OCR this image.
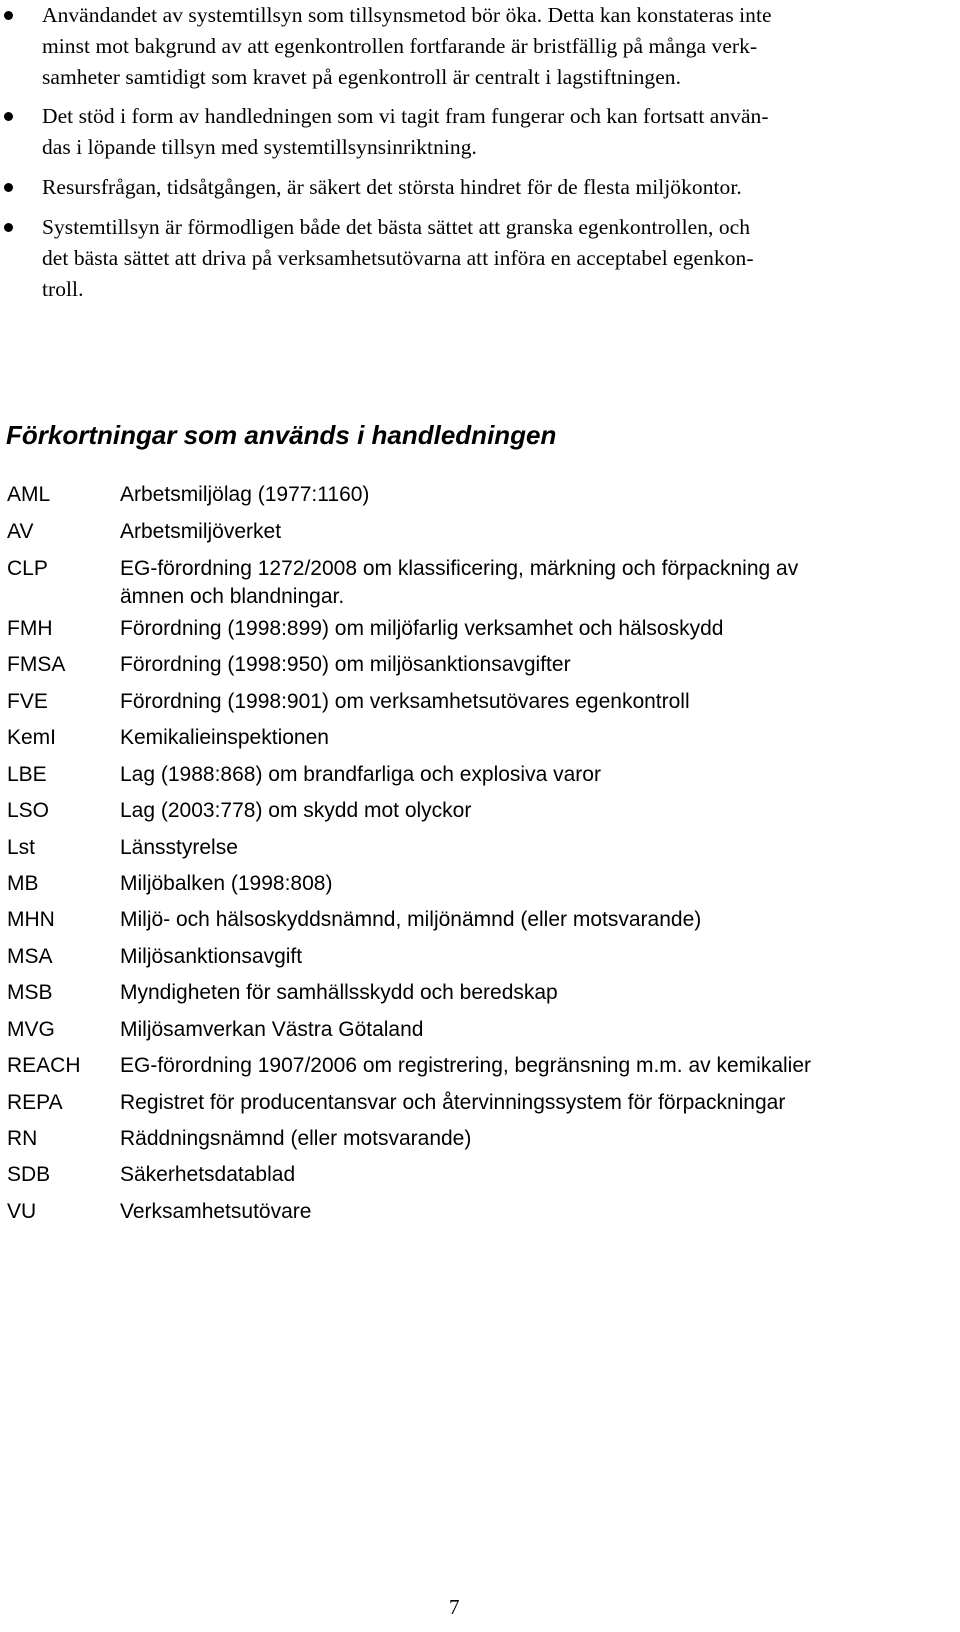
Användandet av systemtillsyn som tillsynsmetod bör öka. Detta kan konstateras inte
minst mot bakgrund av att egenkontrollen fortfarande är bristfällig på många verk-
samheter samtidigt som kravet på egenkontroll är centralt i lagstiftningen.
Det stöd i form av handledningen som vi tagit fram fungerar och kan fortsatt använ-
das i löpande tillsyn med systemtillsynsinriktning.
Resursfrågan, tidsåtgången, är säkert det största hindret för de flesta miljökontor.
Systemtillsyn är förmodligen både det bästa sättet att granska egenkontrollen, och
det bästa sättet att driva på verksamhetsutövarna att införa en acceptabel egenkon-
troll.
Förkortningar som används i handledningen
AML	Arbetsmiljölag (1977:1160)
AV	Arbetsmiljöverket
CLP	EG-förordning 1272/2008 om klassificering, märkning och förpackning av
ämnen och blandningar.
FMH	Förordning (1998:899) om miljöfarlig verksamhet och hälsoskydd
FMSA	Förordning (1998:950) om miljösanktionsavgifter
FVE	Förordning (1998:901) om verksamhetsutövares egenkontroll
KemI	Kemikalieinspektionen
LBE	Lag (1988:868) om brandfarliga och explosiva varor
LSO	Lag (2003:778) om skydd mot olyckor
Lst	Länsstyrelse
MB	Miljöbalken (1998:808)
MHN	Miljö- och hälsoskyddsnämnd, miljönämnd (eller motsvarande)
MSA	Miljösanktionsavgift
MSB	Myndigheten för samhällsskydd och beredskap
MVG	Miljösamverkan Västra Götaland
REACH EG-förordning 1907/2006 om registrering, begränsning m.m. av kemikalier
REPA	Registret för producentansvar och återvinningssystem för förpackningar
RN	Räddningsnämnd (eller motsvarande)
SDB	Säkerhetsdatablad
VU	Verksamhetsutövare
7
